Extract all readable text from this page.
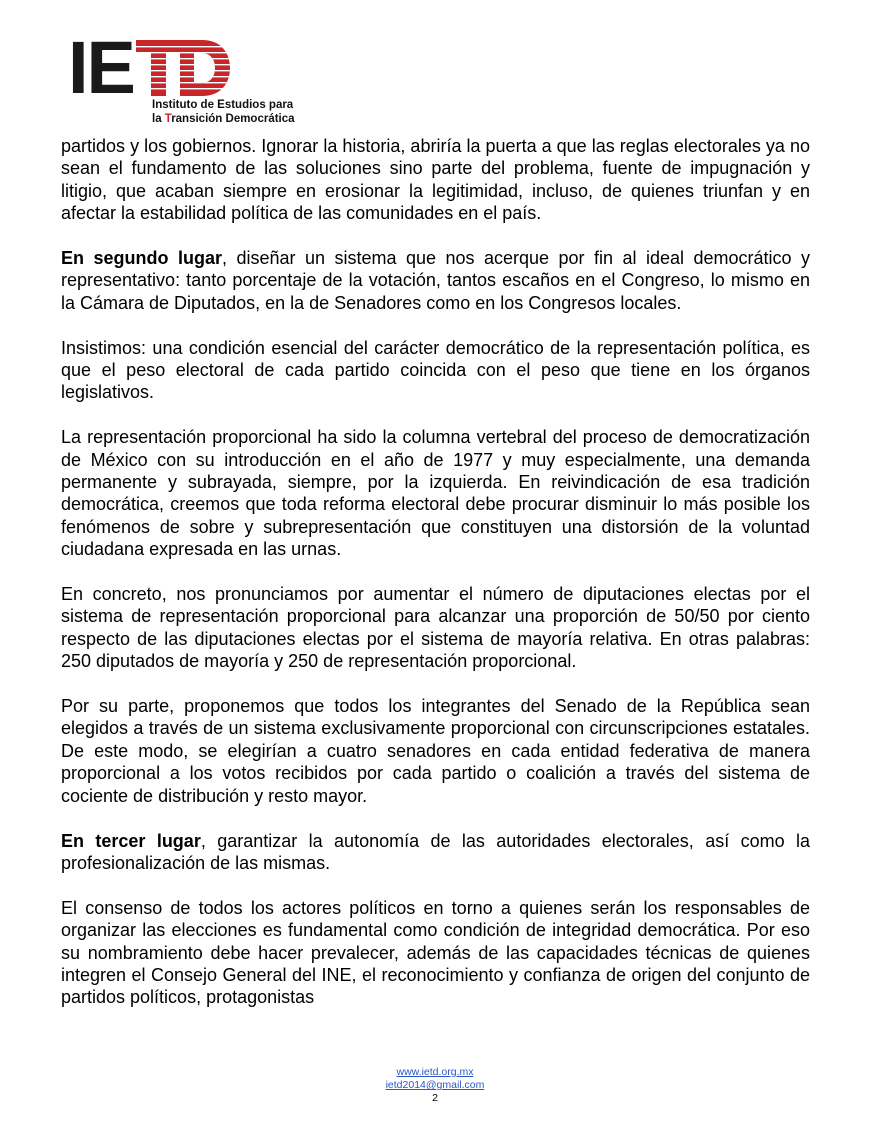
IE Instituto de Estudios para
la Transición Democrática

partidos y los gobiernos. Ignorar la historia, abriría la puerta a que las reglas electorales ya no sean el fundamento de las soluciones sino parte del problema, fuente de impugnación y litigio, que acaban siempre en erosionar la legitimidad, incluso, de quienes triunfan y en afectar la estabilidad política de las comunidades en el país.

En segundo lugar, diseñar un sistema que nos acerque por fin al ideal democrático y representativo: tanto porcentaje de la votación, tantos escaños en el Congreso, lo mismo en la Cámara de Diputados, en la de Senadores como en los Congresos locales.

Insistimos: una condición esencial del carácter democrático de la representación política, es que el peso electoral de cada partido coincida con el peso que tiene en los órganos legislativos.

La representación proporcional ha sido la columna vertebral del proceso de democratización de México con su introducción en el año de 1977 y muy especialmente, una demanda permanente y subrayada, siempre, por la izquierda. En reivindicación de esa tradición democrática, creemos que toda reforma electoral debe procurar disminuir lo más posible los fenómenos de sobre y subrepresentación que constituyen una distorsión de la voluntad ciudadana expresada en las urnas.

En concreto, nos pronunciamos por aumentar el número de diputaciones electas por el sistema de representación proporcional para alcanzar una proporción de 50/50 por ciento respecto de las diputaciones electas por el sistema de mayoría relativa. En otras palabras: 250 diputados de mayoría y 250 de representación proporcional.

Por su parte, proponemos que todos los integrantes del Senado de la República sean elegidos a través de un sistema exclusivamente proporcional con circunscripciones estatales. De este modo, se elegirían a cuatro senadores en cada entidad federativa de manera proporcional a los votos recibidos por cada partido o coalición a través del sistema de cociente de distribución y resto mayor.

En tercer lugar, garantizar la autonomía de las autoridades electorales, así como la profesionalización de las mismas.

El consenso de todos los actores políticos en torno a quienes serán los responsables de organizar las elecciones es fundamental como condición de integridad democrática. Por eso su nombramiento debe hacer prevalecer, además de las capacidades técnicas de quienes integren el Consejo General del INE, el reconocimiento y confianza de origen del conjunto de partidos políticos, protagonistas

www.ietd.org.mx
ietd2014@gmail.com
2
